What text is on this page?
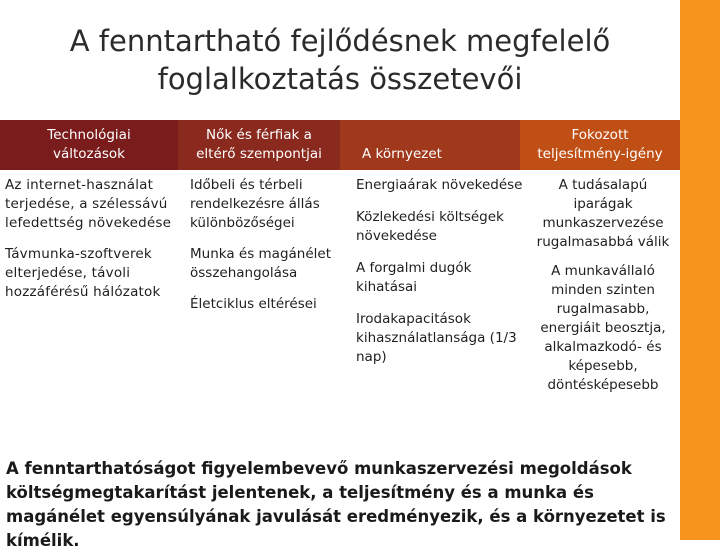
A fenntartható fejlődésnek megfelelő
foglalkoztatás összetevői
Technológiai
változások
Nők és férfiak a
eltérő szempontjai	A környezet
Fokozott
teljesítmény-igény

Az internet-használat terjedése, a szélessávú lefedettség növekedése

Távmunka-szoftverek elterjedése, távoli hozzáférésű hálózatok

Időbeli és térbeli rendelkezésre állás különbözőségei

Munka és magánélet összehangolása

Életciklus eltérései

Energiaárak növekedése

Közlekedési költségek növekedése

A forgalmi dugók kihatásai

Irodakapacitások kihasználatlansága (1/3 nap)

A tudásalapú iparágak munkaszervezése rugalmasabbá válik

A munkavállaló minden szinten rugalmasabb, energiáit beosztja, alkalmazkodó- és képesebb, döntésképesebb

A fenntarthatóságot figyelembevevő munkaszervezési megoldások költségmegtakarítást jelentenek, a teljesítmény és a munka és magánélet egyensúlyának javulását eredményezik, és a környezetet is kímélik.
